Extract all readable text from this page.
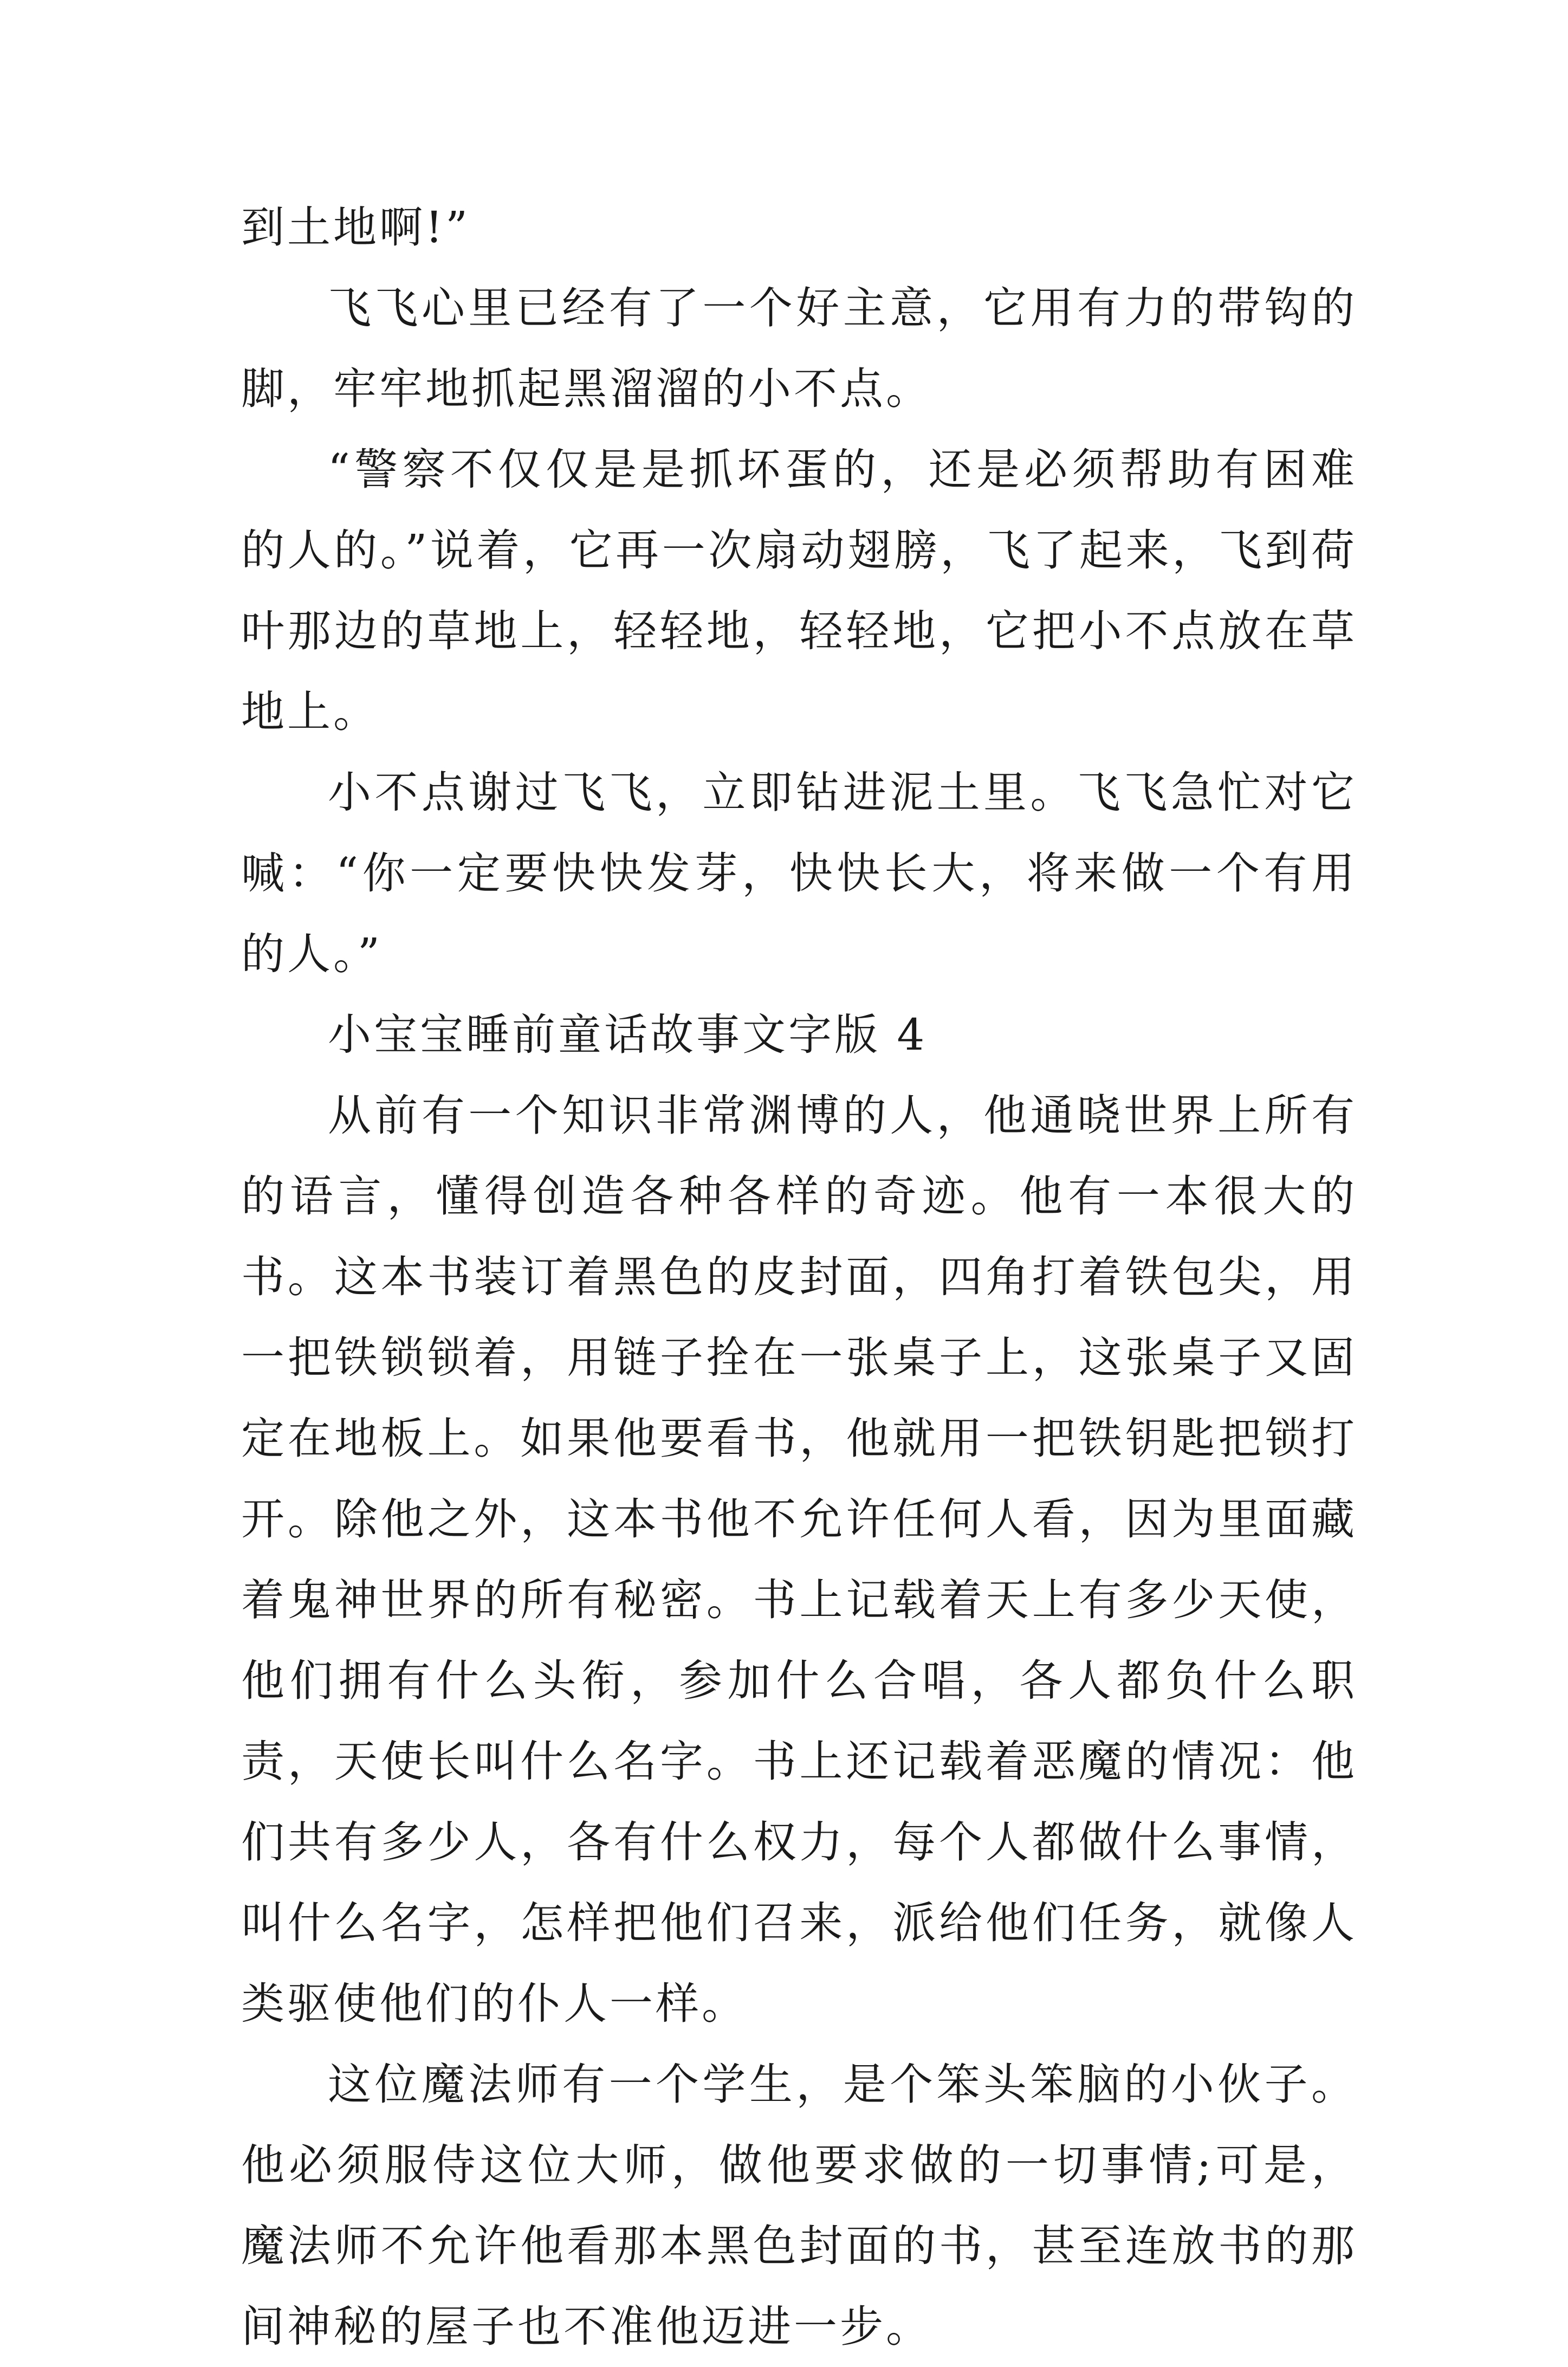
到土地啊!”

飞飞心里已经有了一个好主意，它用有力的带钩的脚，牢牢地抓起黑溜溜的小不点。

“警察不仅仅是是抓坏蛋的，还是必须帮助有困难的人的。”说着，它再一次扇动翅膀，飞了起来，飞到荷叶那边的草地上，轻轻地，轻轻地，它把小不点放在草地上。

小不点谢过飞飞，立即钻进泥土里。飞飞急忙对它喊：“你一定要快快发芽，快快长大，将来做一个有用的人。”

小宝宝睡前童话故事文字版 4

从前有一个知识非常渊博的人，他通晓世界上所有的语言，懂得创造各种各样的奇迹。他有一本很大的书。这本书装订着黑色的皮封面，四角打着铁包尖，用一把铁锁锁着，用链子拴在一张桌子上，这张桌子又固定在地板上。如果他要看书，他就用一把铁钥匙把锁打开。除他之外，这本书他不允许任何人看，因为里面藏着鬼神世界的所有秘密。书上记载着天上有多少天使，他们拥有什么头衔，参加什么合唱，各人都负什么职责，天使长叫什么名字。书上还记载着恶魔的情况：他们共有多少人，各有什么权力，每个人都做什么事情，叫什么名字，怎样把他们召来，派给他们任务，就像人类驱使他们的仆人一样。

这位魔法师有一个学生，是个笨头笨脑的小伙子。他必须服侍这位大师，做他要求做的一切事情;可是，魔法师不允许他看那本黑色封面的书，甚至连放书的那间神秘的屋子也不准他迈进一步。
